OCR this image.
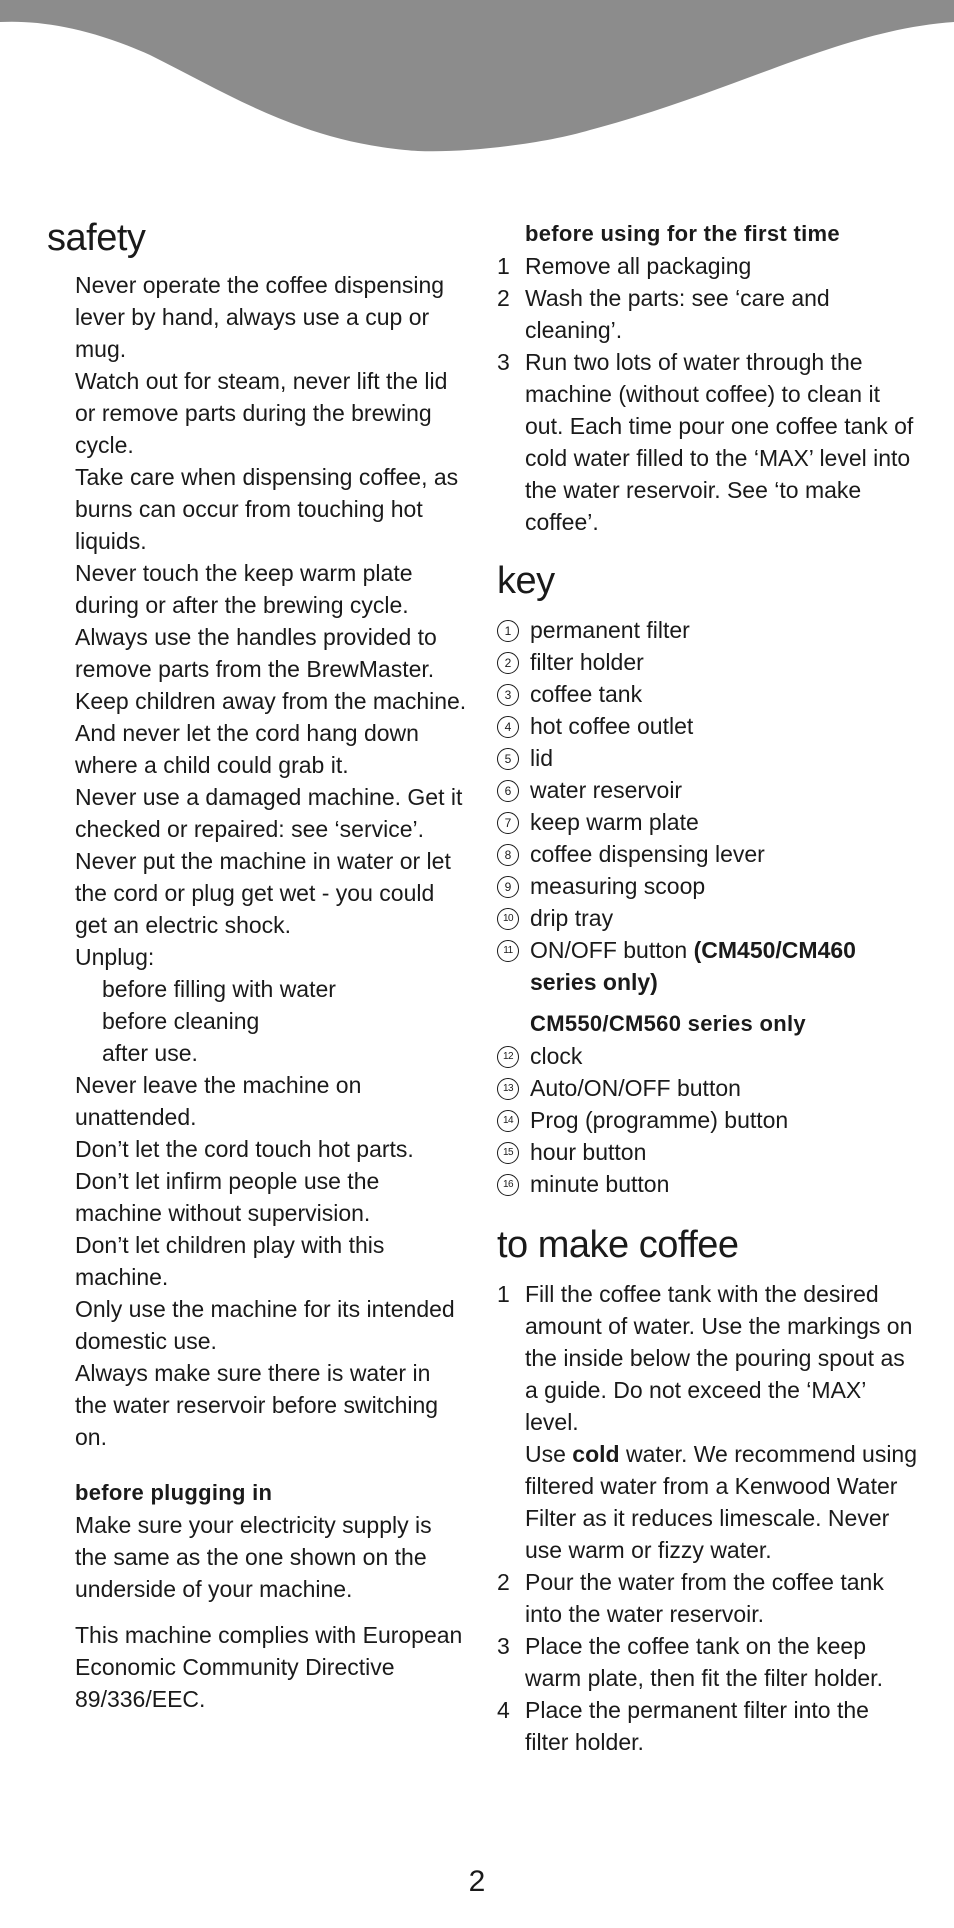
safety

Never operate the coffee dispensing lever by hand, always use a cup or mug.

Watch out for steam, never lift the lid or remove parts during the brewing cycle.

Take care when dispensing coffee, as burns can occur from touching hot liquids.

Never touch the keep warm plate during or after the brewing cycle.

Always use the handles provided to remove parts from the BrewMaster.

Keep children away from the machine. And never let the cord hang down where a child could grab it.

Never use a damaged machine. Get it checked or repaired: see ‘service’.

Never put the machine in water or let the cord or plug get wet - you could get an electric shock.

Unplug:

before filling with water

before cleaning

after use.

Never leave the machine on unattended.

Don’t let the cord touch hot parts.

Don’t let infirm people use the machine without supervision.

Don’t let children play with this machine.

Only use the machine for its intended domestic use.

Always make sure there is water in the water reservoir before switching on.

before plugging in

Make sure your electricity supply is the same as the one shown on the underside of your machine.

This machine complies with European Economic Community Directive 89/336/EEC.

before using for the first time
1 Remove all packaging
2 Wash the parts: see ‘care and cleaning’.
3 Run two lots of water through the machine (without coffee) to clean it out. Each time pour one coffee tank of cold water filled to the ‘MAX’ level into the water reservoir. See ‘to make coffee’.
key
1 permanent filter
2 filter holder
3 coffee tank
4 hot coffee outlet
5 lid
6 water reservoir
7 keep warm plate
8 coffee dispensing lever
9 measuring scoop
10 drip tray
11 ON/OFF button (CM450/CM460 series only)
CM550/CM560 series only
12 clock
13 Auto/ON/OFF button
14 Prog (programme) button
15 hour button
16 minute button
to make coffee
1 Fill the coffee tank with the desired amount of water. Use the markings on the inside below the pouring spout as a guide. Do not exceed the ‘MAX’ level.
Use cold water. We recommend using filtered water from a Kenwood Water Filter as it reduces limescale. Never use warm or fizzy water.
2 Pour the water from the coffee tank into the water reservoir.
3 Place the coffee tank on the keep warm plate, then fit the filter holder.
4 Place the permanent filter into the filter holder.
2
